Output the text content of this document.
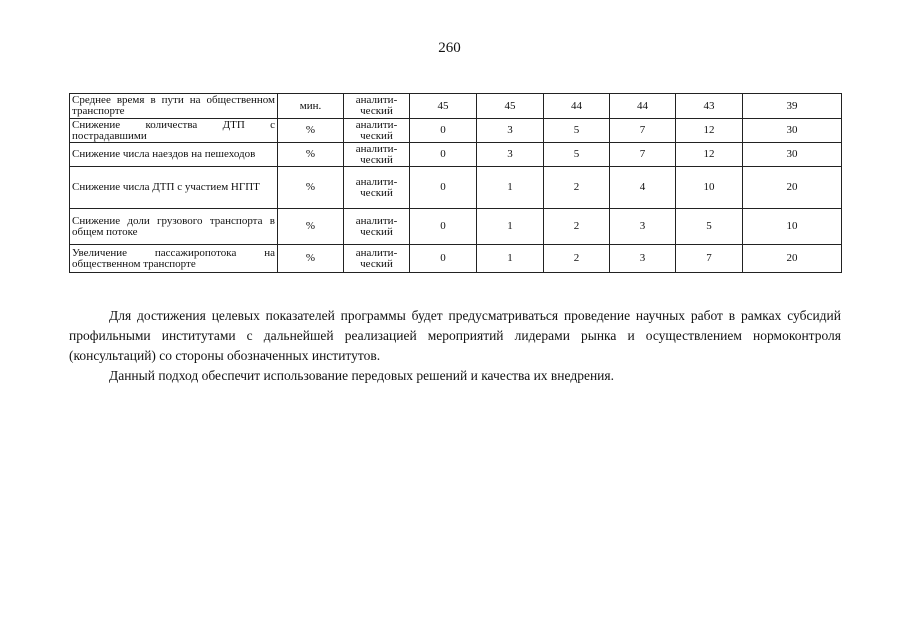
260
Среднее время в пути на общественном транспорте	мин.	аналити-ческий	45	45	44	44	43	39
Снижение количества ДТП с пострадавшими	%	аналити-ческий	0	3	5	7	12	30
Снижение числа наездов на пешеходов	%	аналити-ческий	0	3	5	7	12	30
Снижение числа ДТП с участием НГПТ	%	аналити-ческий	0	1	2	4	10	20
Снижение доли грузового транспорта в общем потоке	%	аналити-ческий	0	1	2	3	5	10
Увеличение пассажиропотока на общественном транспорте	%	аналити-ческий	0	1	2	3	7	20

Для достижения целевых показателей программы будет предусматриваться проведение научных работ в рамках субсидий профильными институтами с дальнейшей реализацией мероприятий лидерами рынка и осуществлением нормоконтроля (консультаций) со стороны обозначенных институтов.

Данный подход обеспечит использование передовых решений и качества их внедрения.
